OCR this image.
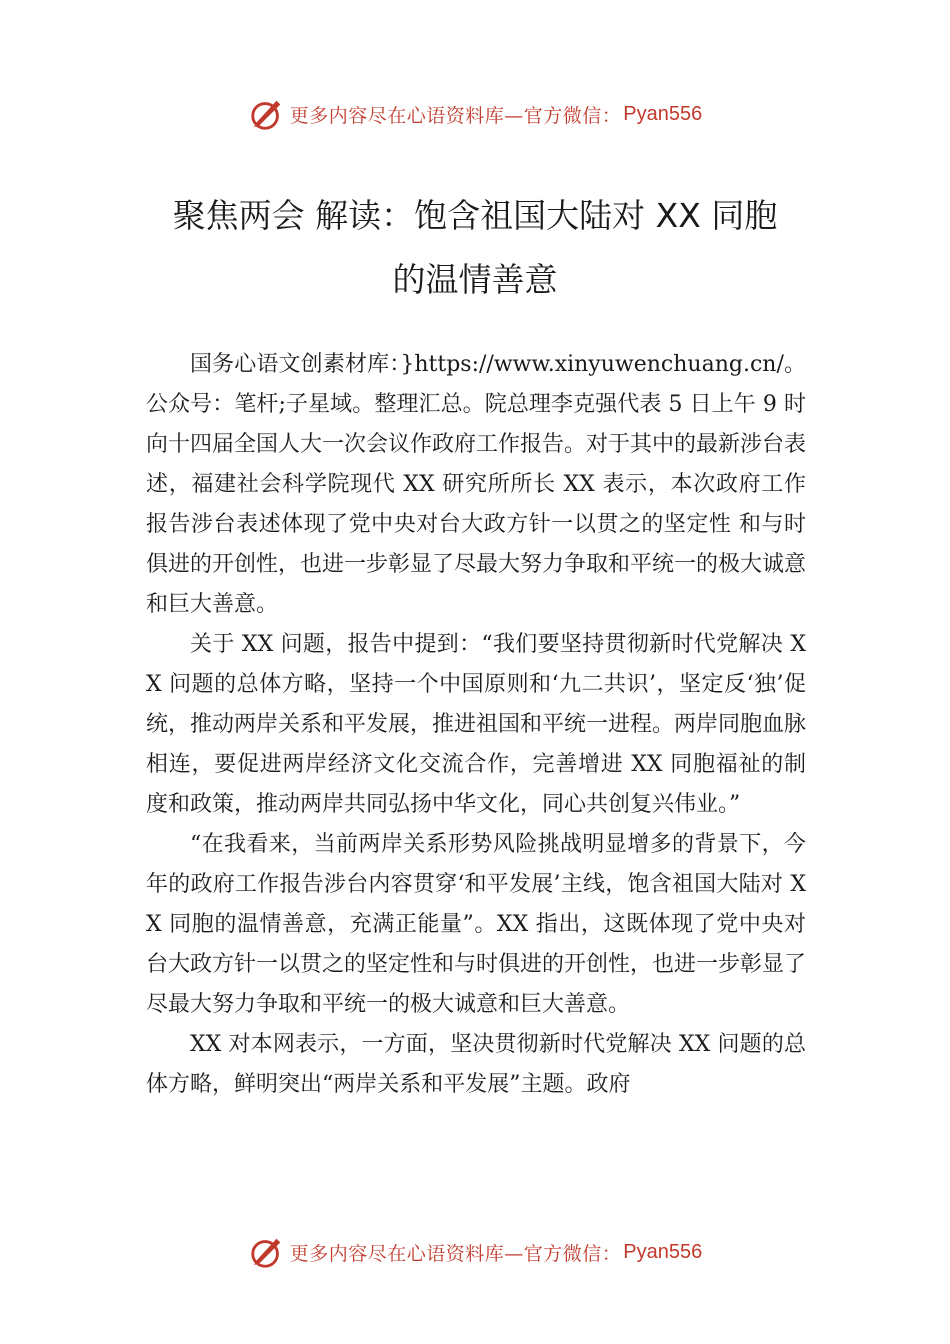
更多内容尽在心语资料库—官方微信： Pyan556
聚焦两会 解读：饱含祖国大陆对 XX 同胞
的温情善意

国务心语文创素材库：}https://www.xinyuwenchuang.cn/。公众号：笔杆;子星域。整理汇总。院总理李克强代表 5 日上午 9 时向十四届全国人大一次会议作政府工作报告。对于其中的最新涉台表述，福建社会科学院现代 XX 研究所所长 XX 表示，本次政府工作报告涉台表述体现了党中央对台大政方针一以贯之的坚定性 和与时俱进的开创性，也进一步彰显了尽最大努力争取和平统一的极大诚意和巨大善意。

关于 XX 问题，报告中提到：“我们要坚持贯彻新时代党解决 XX 问题的总体方略，坚持一个中国原则和‘九二共识’，坚定反‘独’促统，推动两岸关系和平发展，推进祖国和平统一进程。两岸同胞血脉相连，要促进两岸经济文化交流合作，完善增进 XX 同胞福祉的制度和政策，推动两岸共同弘扬中华文化，同心共创复兴伟业。”

“在我看来，当前两岸关系形势风险挑战明显增多的背景下，今年的政府工作报告涉台内容贯穿‘和平发展’主线，饱含祖国大陆对 XX 同胞的温情善意，充满正能量”。XX 指出，这既体现了党中央对台大政方针一以贯之的坚定性和与时俱进的开创性，也进一步彰显了尽最大努力争取和平统一的极大诚意和巨大善意。

XX 对本网表示，一方面，坚决贯彻新时代党解决 XX 问题的总体方略，鲜明突出“两岸关系和平发展”主题。政府

更多内容尽在心语资料库—官方微信： Pyan556
